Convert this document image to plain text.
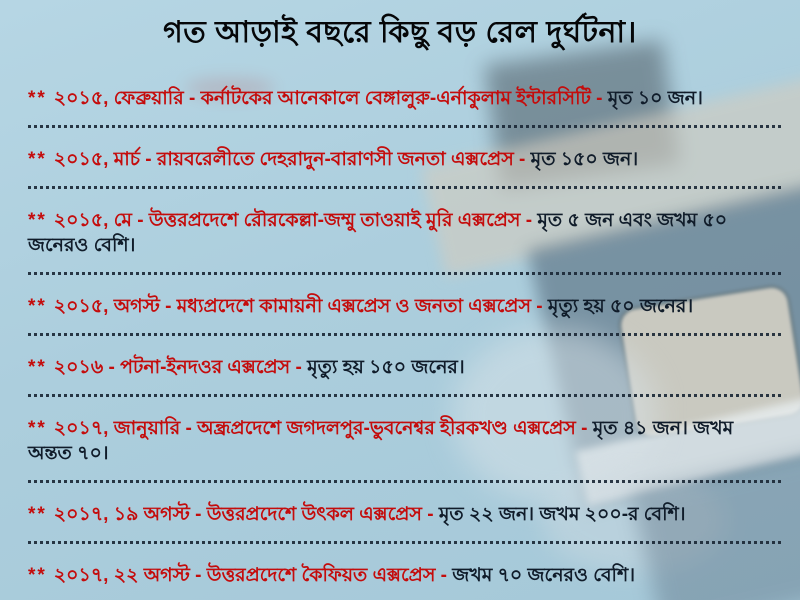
গত আড়াই বছরে কিছু বড় রেল দুর্ঘটনা।

** ২০১৫, ফেব্রুয়ারি - কর্নাটকের আনেকালে বেঙ্গালুরু-এর্নাকুলাম ইন্টারসিটি - মৃত ১০ জন।

** ২০১৫, মার্চ - রায়বরেলীতে দেহরাদুন-বারাণসী জনতা এক্সপ্রেস - মৃত ১৫০ জন।

** ২০১৫, মে - উত্তরপ্রদেশে রৌরকেল্লা-জম্মু তাওয়াই মুরি এক্সপ্রেস - মৃত ৫ জন এবং জখম ৫০ জনেরও বেশি।

** ২০১৫, অগস্ট - মধ্যপ্রদেশে কামায়নী এক্সপ্রেস ও জনতা এক্সপ্রেস - মৃত্যু হয় ৫০ জনের।

** ২০১৬ - পটনা-ইনদওর এক্সপ্রেস - মৃত্যু হয় ১৫০ জনের।

** ২০১৭, জানুয়ারি - অন্ধ্রপ্রদেশে জগদলপুর-ভুবনেশ্বর হীরকখণ্ড এক্সপ্রেস - মৃত ৪১ জন। জখম অন্তত ৭০।

** ২০১৭, ১৯ অগস্ট - উত্তরপ্রদেশে উৎকল এক্সপ্রেস - মৃত ২২ জন। জখম ২০০-র বেশি।

** ২০১৭, ২২ অগস্ট - উত্তরপ্রদেশে কৈফিয়ত এক্সপ্রেস - জখম ৭০ জনেরও বেশি।
